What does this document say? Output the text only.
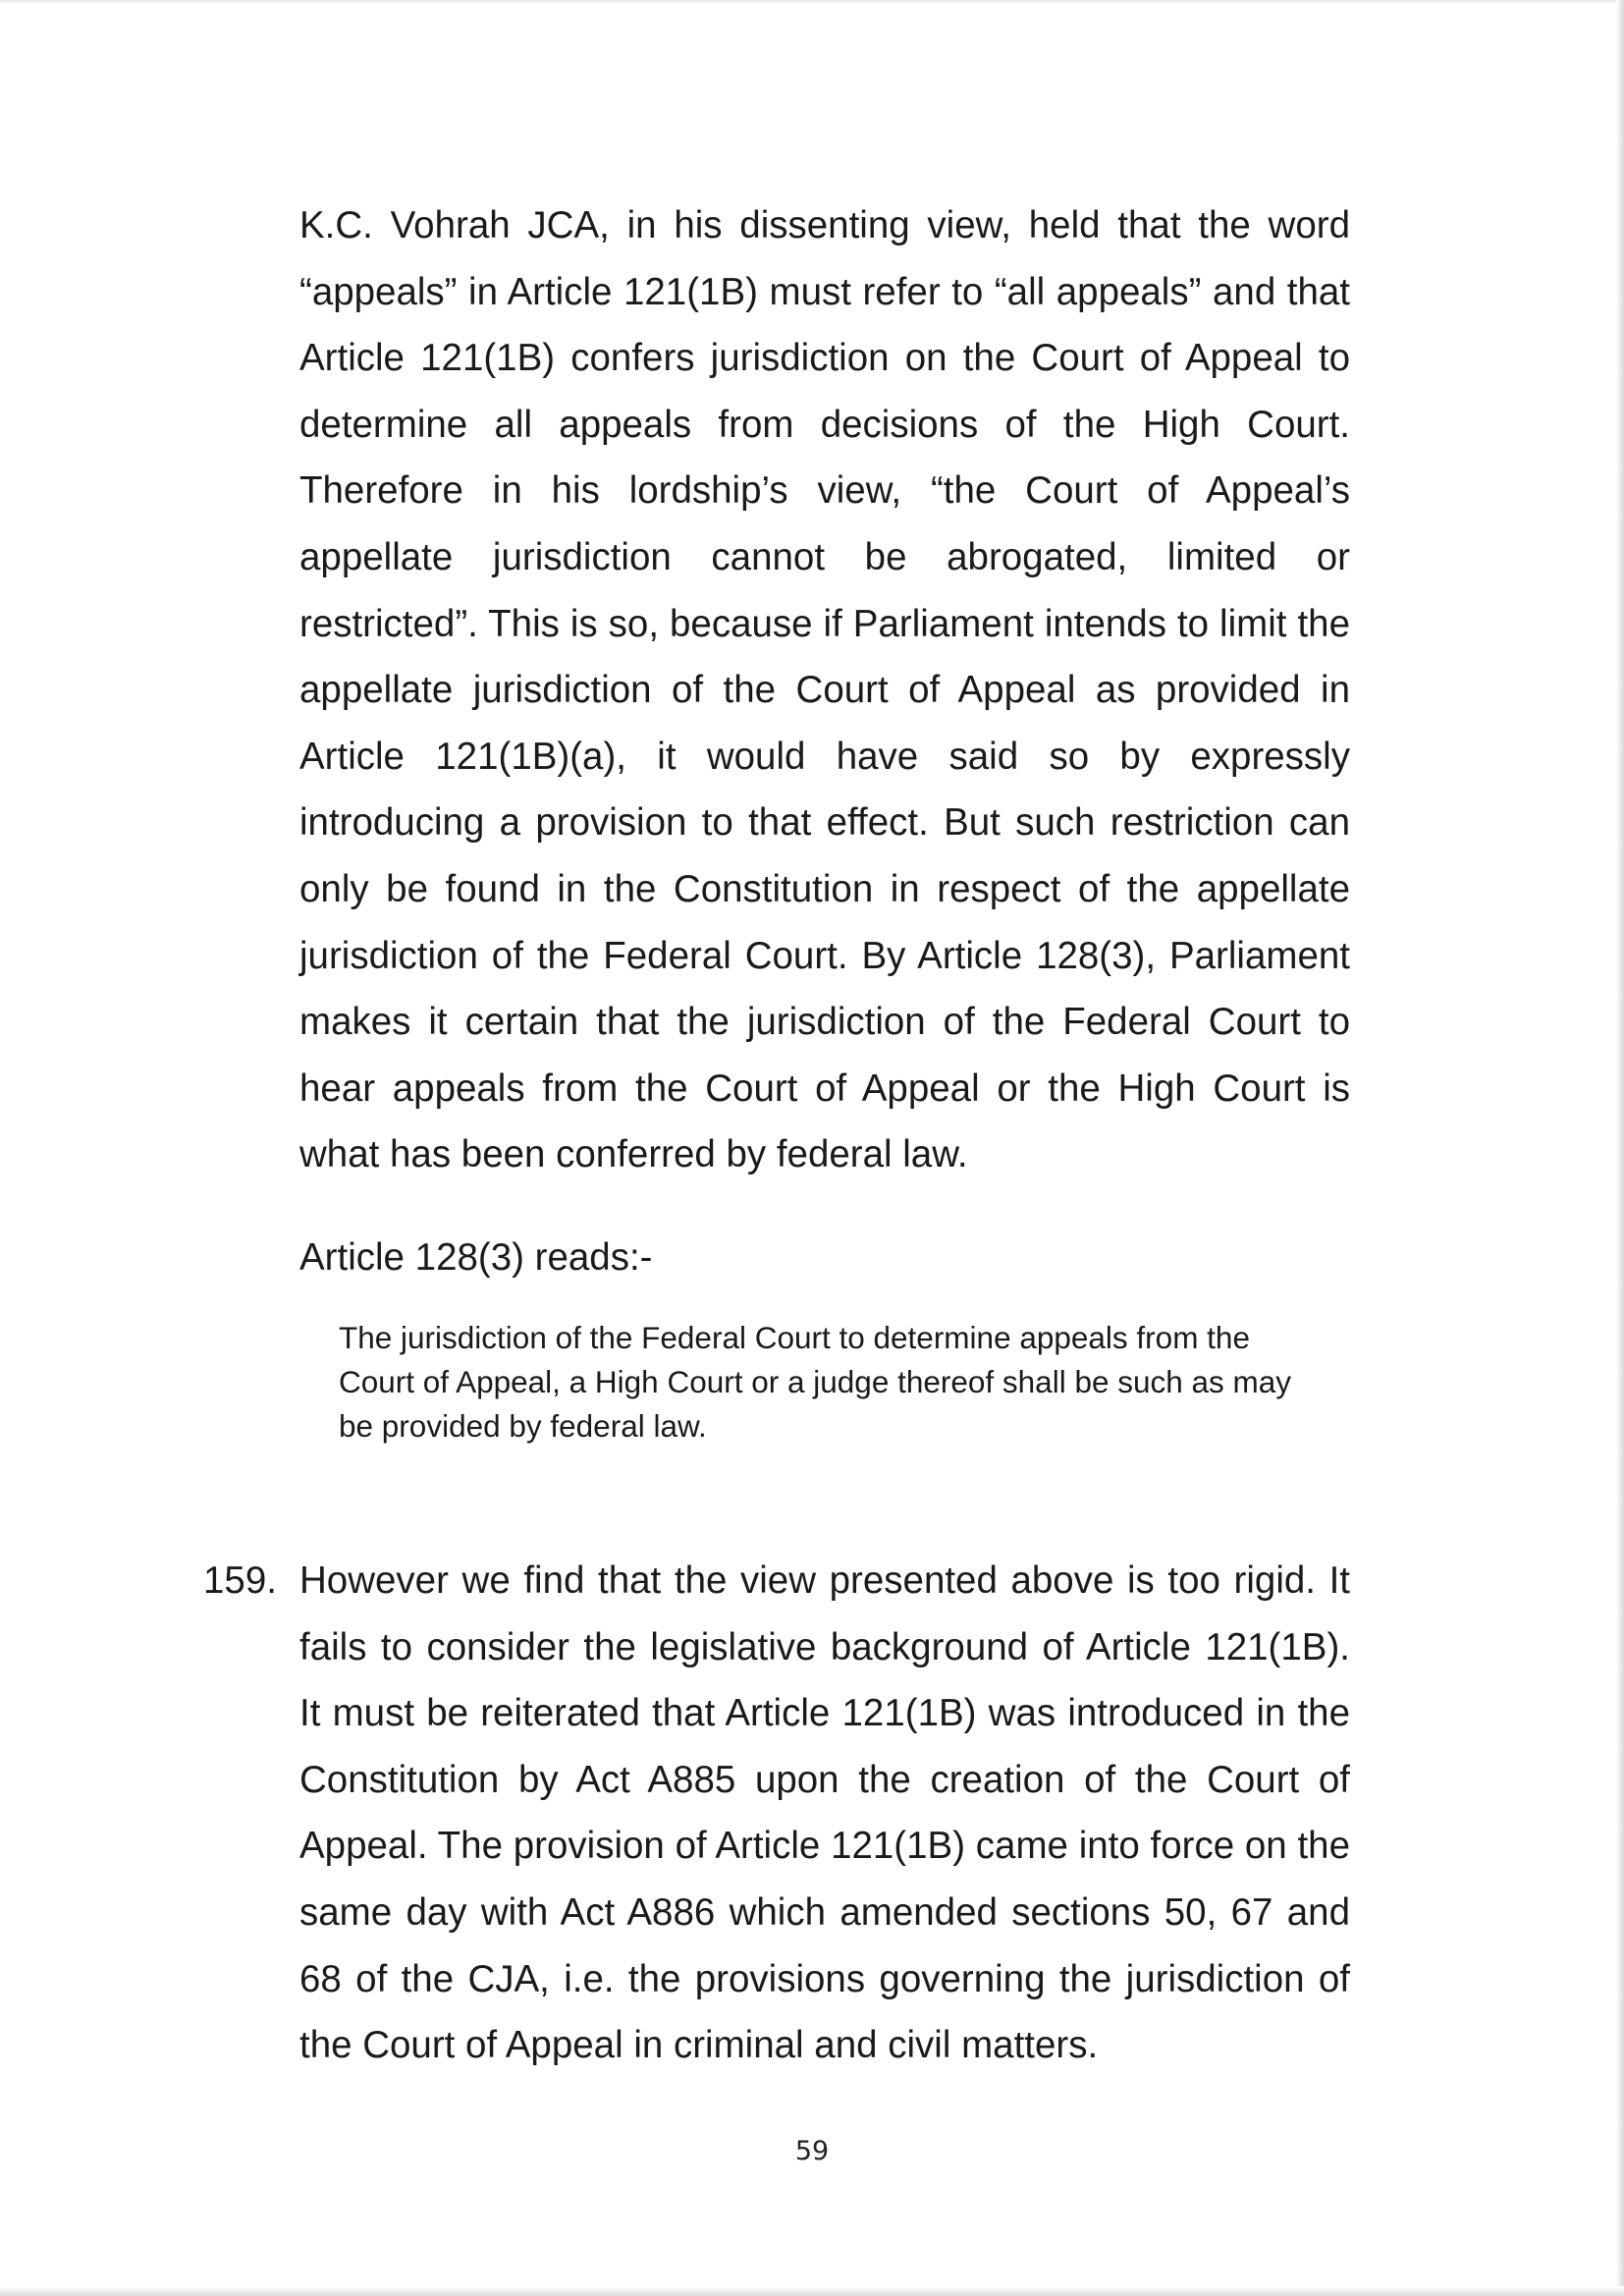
K.C. Vohrah JCA, in his dissenting view, held that the word “appeals” in Article 121(1B) must refer to “all appeals” and that Article 121(1B) confers jurisdiction on the Court of Appeal to determine all appeals from decisions of the High Court. Therefore in his lordship’s view, “the Court of Appeal’s appellate jurisdiction cannot be abrogated, limited or restricted”. This is so, because if Parliament intends to limit the appellate jurisdiction of the Court of Appeal as provided in Article 121(1B)(a), it would have said so by expressly introducing a provision to that effect. But such restriction can only be found in the Constitution in respect of the appellate jurisdiction of the Federal Court. By Article 128(3), Parliament makes it certain that the jurisdiction of the Federal Court to hear appeals from the Court of Appeal or the High Court is what has been conferred by federal law.

Article 128(3) reads:-

The jurisdiction of the Federal Court to determine appeals from the Court of Appeal, a High Court or a judge thereof shall be such as may be provided by federal law.

159. However we find that the view presented above is too rigid. It fails to consider the legislative background of Article 121(1B). It must be reiterated that Article 121(1B) was introduced in the Constitution by Act A885 upon the creation of the Court of Appeal. The provision of Article 121(1B) came into force on the same day with Act A886 which amended sections 50, 67 and 68 of the CJA, i.e. the provisions governing the jurisdiction of the Court of Appeal in criminal and civil matters.

59
